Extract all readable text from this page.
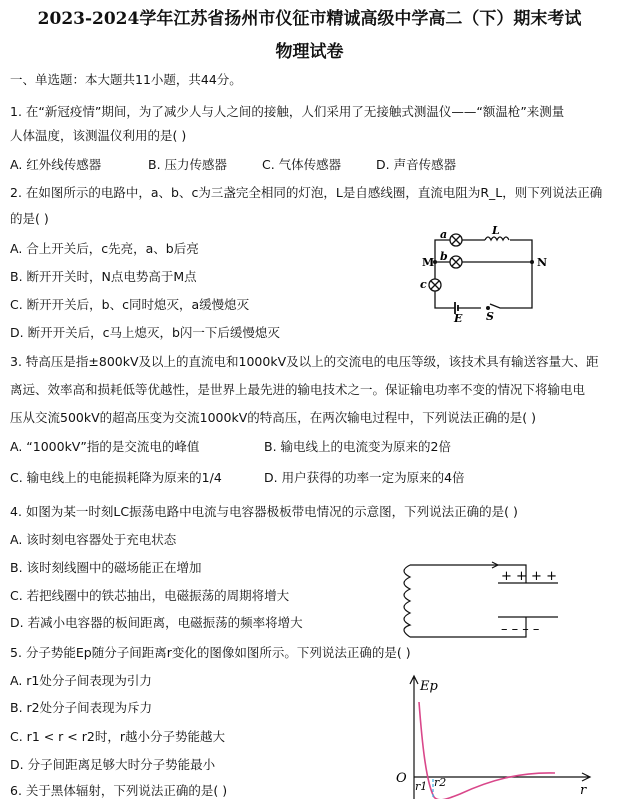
2023-2024学年江苏省扬州市仪征市精诚高级中学高二（下）期末考试
物理试卷
一、单选题：本大题共11小题，共44分。
1. 在“新冠疫情”期间，为了减少人与人之间的接触，人们采用了无接触式测温仪——“额温枪”来测量
人体温度，该测温仪利用的是( )
A. 红外线传感器	B. 压力传感器	C. 气体传感器	D. 声音传感器
2. 在如图所示的电路中，a、b、c为三盏完全相同的灯泡，L是自感线圈，直流电阻为R_L，则下列说法正确
的是( )
A. 合上开关后，c先亮，a、b后亮
B. 断开开关时，N点电势高于M点
C. 断开开关后，b、c同时熄灭，a缓慢熄灭
D. 断开开关后，c马上熄灭，b闪一下后缓慢熄灭
a
b
c
L
M	N
E S
3. 特高压是指±800kV及以上的直流电和1000kV及以上的交流电的电压等级，该技术具有输送容量大、距
离远、效率高和损耗低等优越性，是世界上最先进的输电技术之一。保证输电功率不变的情况下将输电电
压从交流500kV的超高压变为交流1000kV的特高压，在两次输电过程中，下列说法正确的是( )
A. “1000kV”指的是交流电的峰值	B. 输电线上的电流变为原来的2倍
C. 输电线上的电能损耗降为原来的1/4	D. 用户获得的功率一定为原来的4倍
4. 如图为某一时刻LC振荡电路中电流与电容器极板带电情况的示意图，下列说法正确的是( )
A. 该时刻电容器处于充电状态
B. 该时刻线圈中的磁场能正在增加
C. 若把线圈中的铁芯抽出，电磁振荡的周期将增大
D. 若减小电容器的板间距离，电磁振荡的频率将增大
+ + + +
– – – –
5. 分子势能Ep随分子间距离r变化的图像如图所示。下列说法正确的是( )
A. r1处分子间表现为引力
B. r2处分子间表现为斥力
C. r1 < r < r2时，r越小分子势能越大
D. 分子间距离足够大时分子势能最小
Ep
r
O
r1 r2
6. 关于黑体辐射，下列说法正确的是( )
